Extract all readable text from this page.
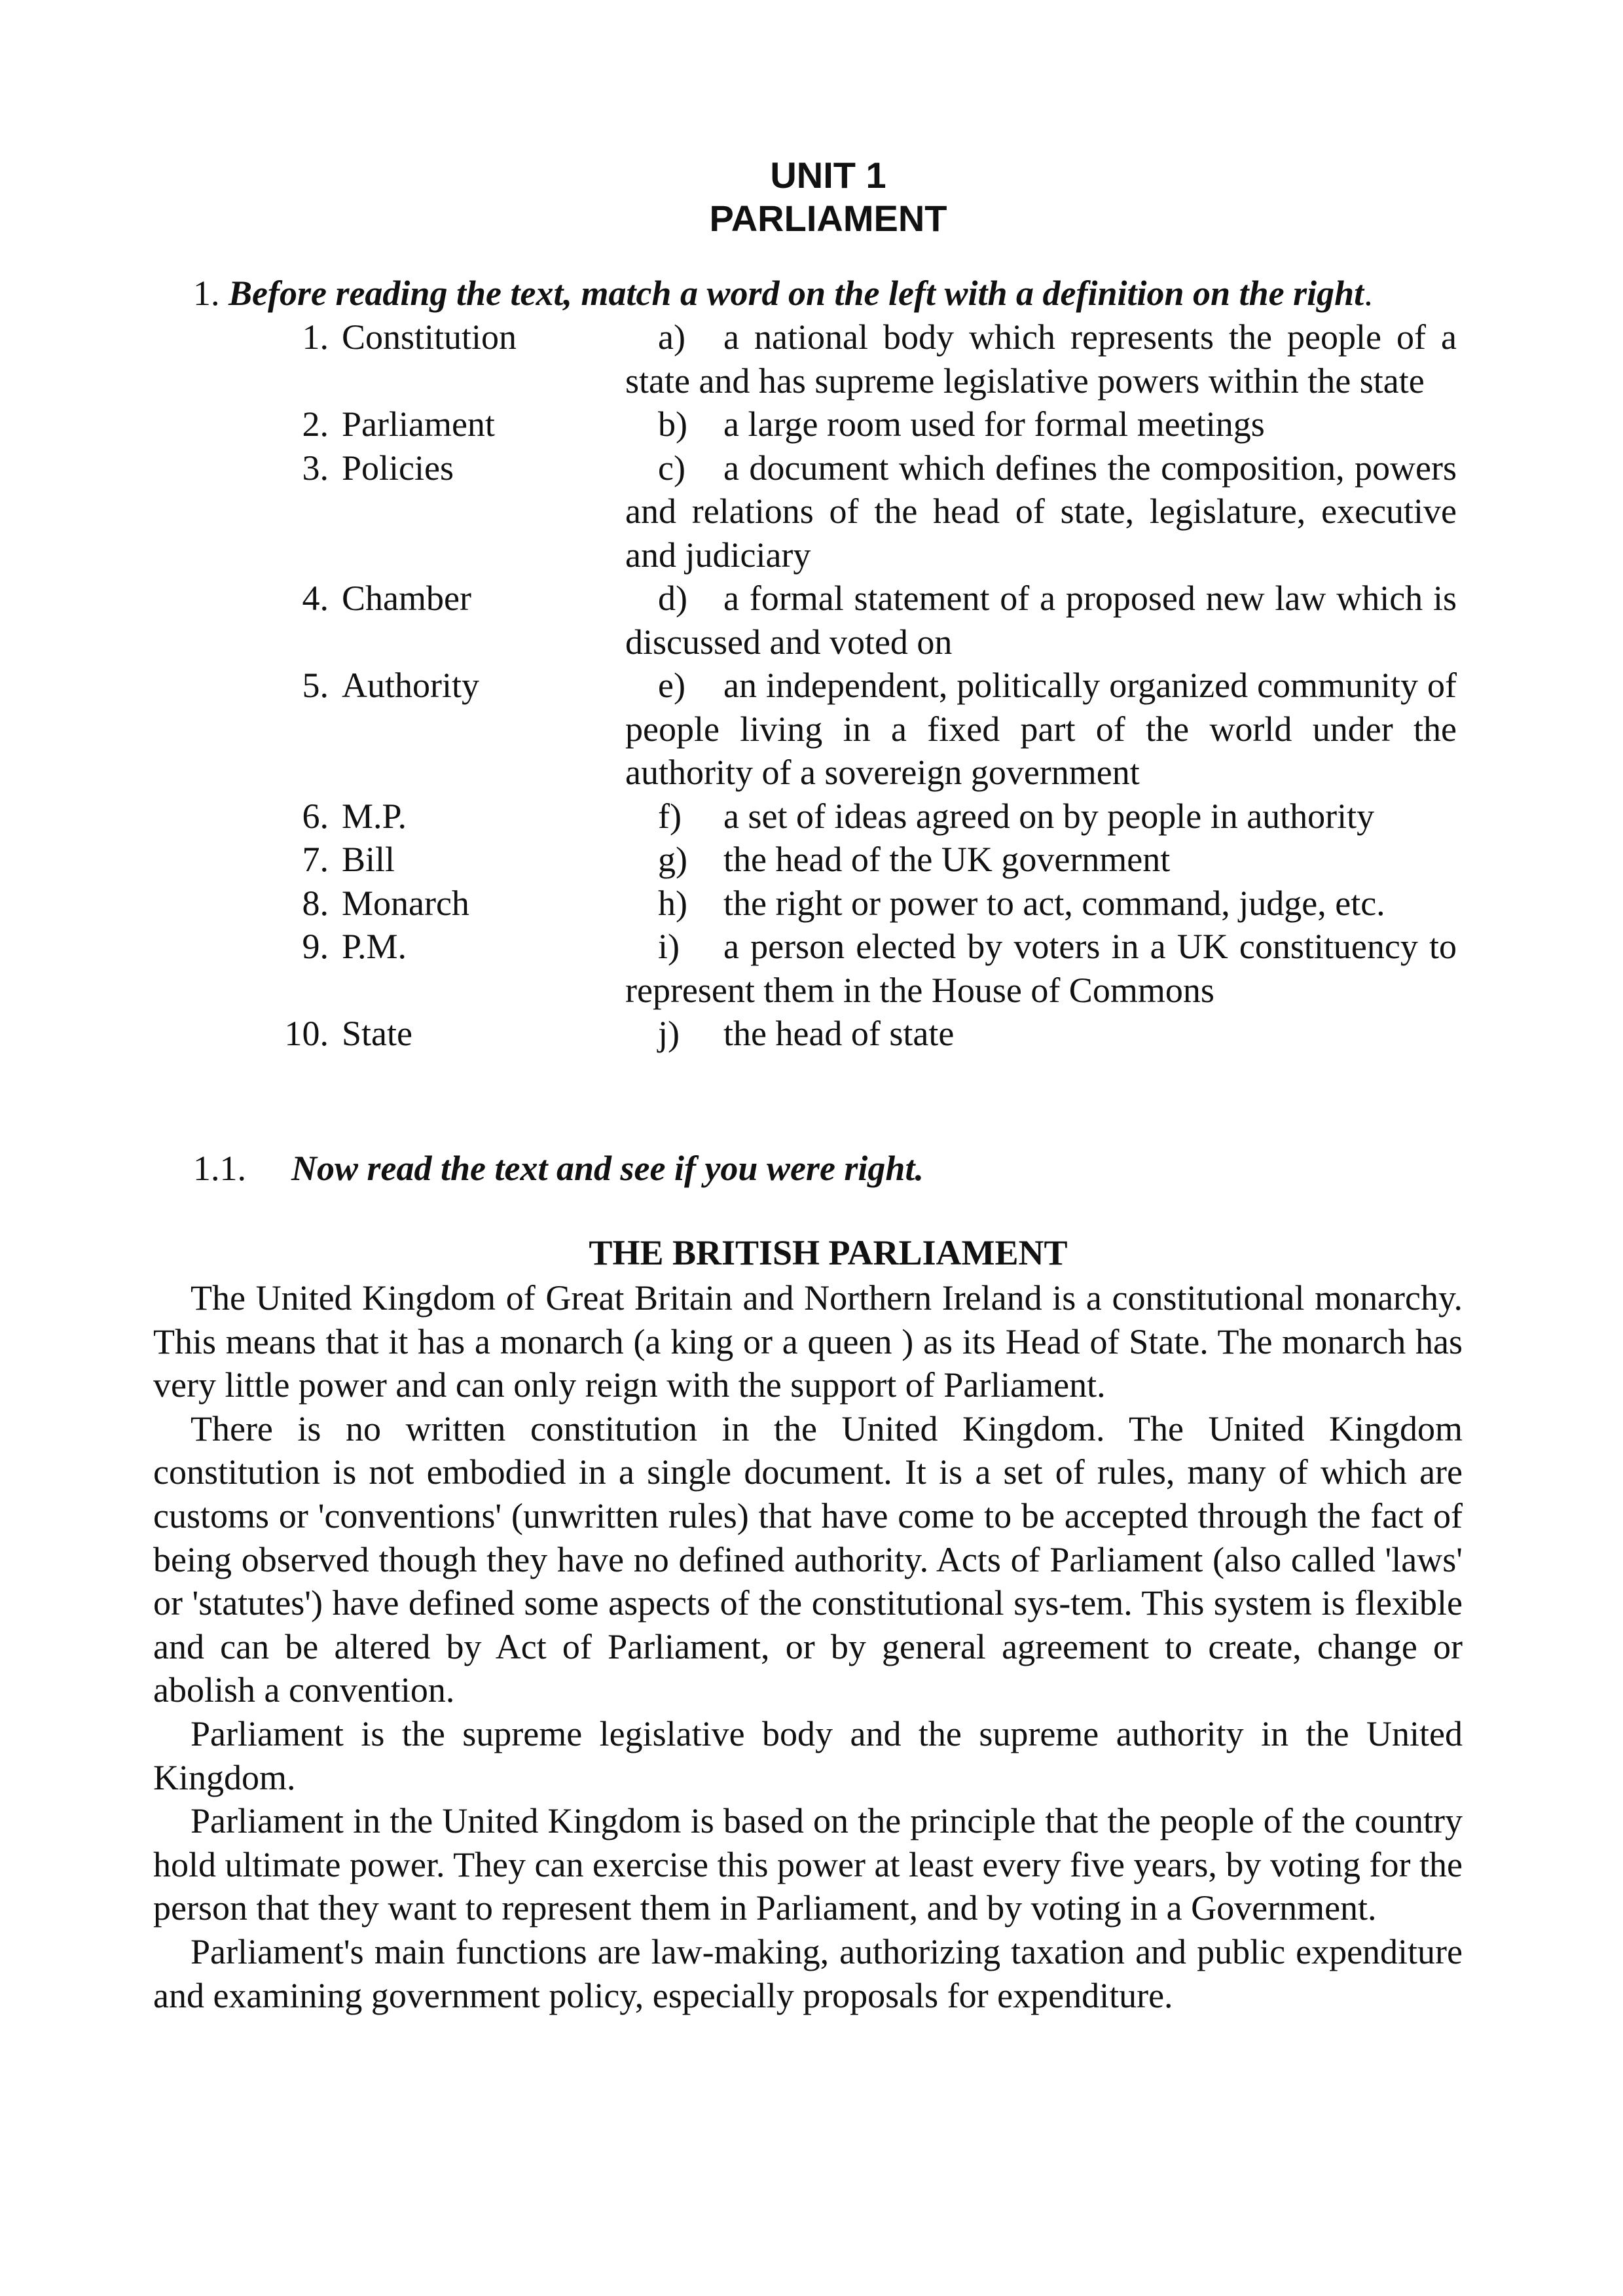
UNIT 1
PARLIAMENT
1. Before reading the text, match a word on the left with a definition on the right.
1. Constitution	a) a national body which represents the people of a state and has supreme legislative powers within the state
2. Parliament	b) a large room used for formal meetings
3. Policies	c) a document which defines the composition, powers and relations of the head of state, legislature, executive and judiciary
4. Chamber	d) a formal statement of a proposed new law which is discussed and voted on
5. Authority	e) an independent, politically organized community of people living in a fixed part of the world under the authority of a sovereign government
6. M.P.	f) a set of ideas agreed on by people in authority
7. Bill	g) the head of the UK government
8. Monarch	h) the right or power to act, command, judge, etc.
9. P.M.	i) a person elected by voters in a UK constituency to represent them in the House of Commons
10. State	j) the head of state
1.1. Now read the text and see if you were right.
THE BRITISH PARLIAMENT

The United Kingdom of Great Britain and Northern Ireland is a constitutional monarchy. This means that it has a monarch (a king or a queen ) as its Head of State. The monarch has very little power and can only reign with the support of Parliament.

There is no written constitution in the United Kingdom. The United Kingdom constitution is not embodied in a single document. It is a set of rules, many of which are customs or 'conventions' (unwritten rules) that have come to be accepted through the fact of being observed though they have no defined authority. Acts of Parliament (also called 'laws' or 'statutes') have defined some aspects of the constitutional sys-tem. This system is flexible and can be altered by Act of Parliament, or by general agreement to create, change or abolish a convention.

Parliament is the supreme legislative body and the supreme authority in the United Kingdom.

Parliament in the United Kingdom is based on the principle that the people of the country hold ultimate power. They can exercise this power at least every five years, by voting for the person that they want to represent them in Parliament, and by voting in a Government.

Parliament's main functions are law-making, authorizing taxation and public expenditure and examining government policy, especially proposals for expenditure.
